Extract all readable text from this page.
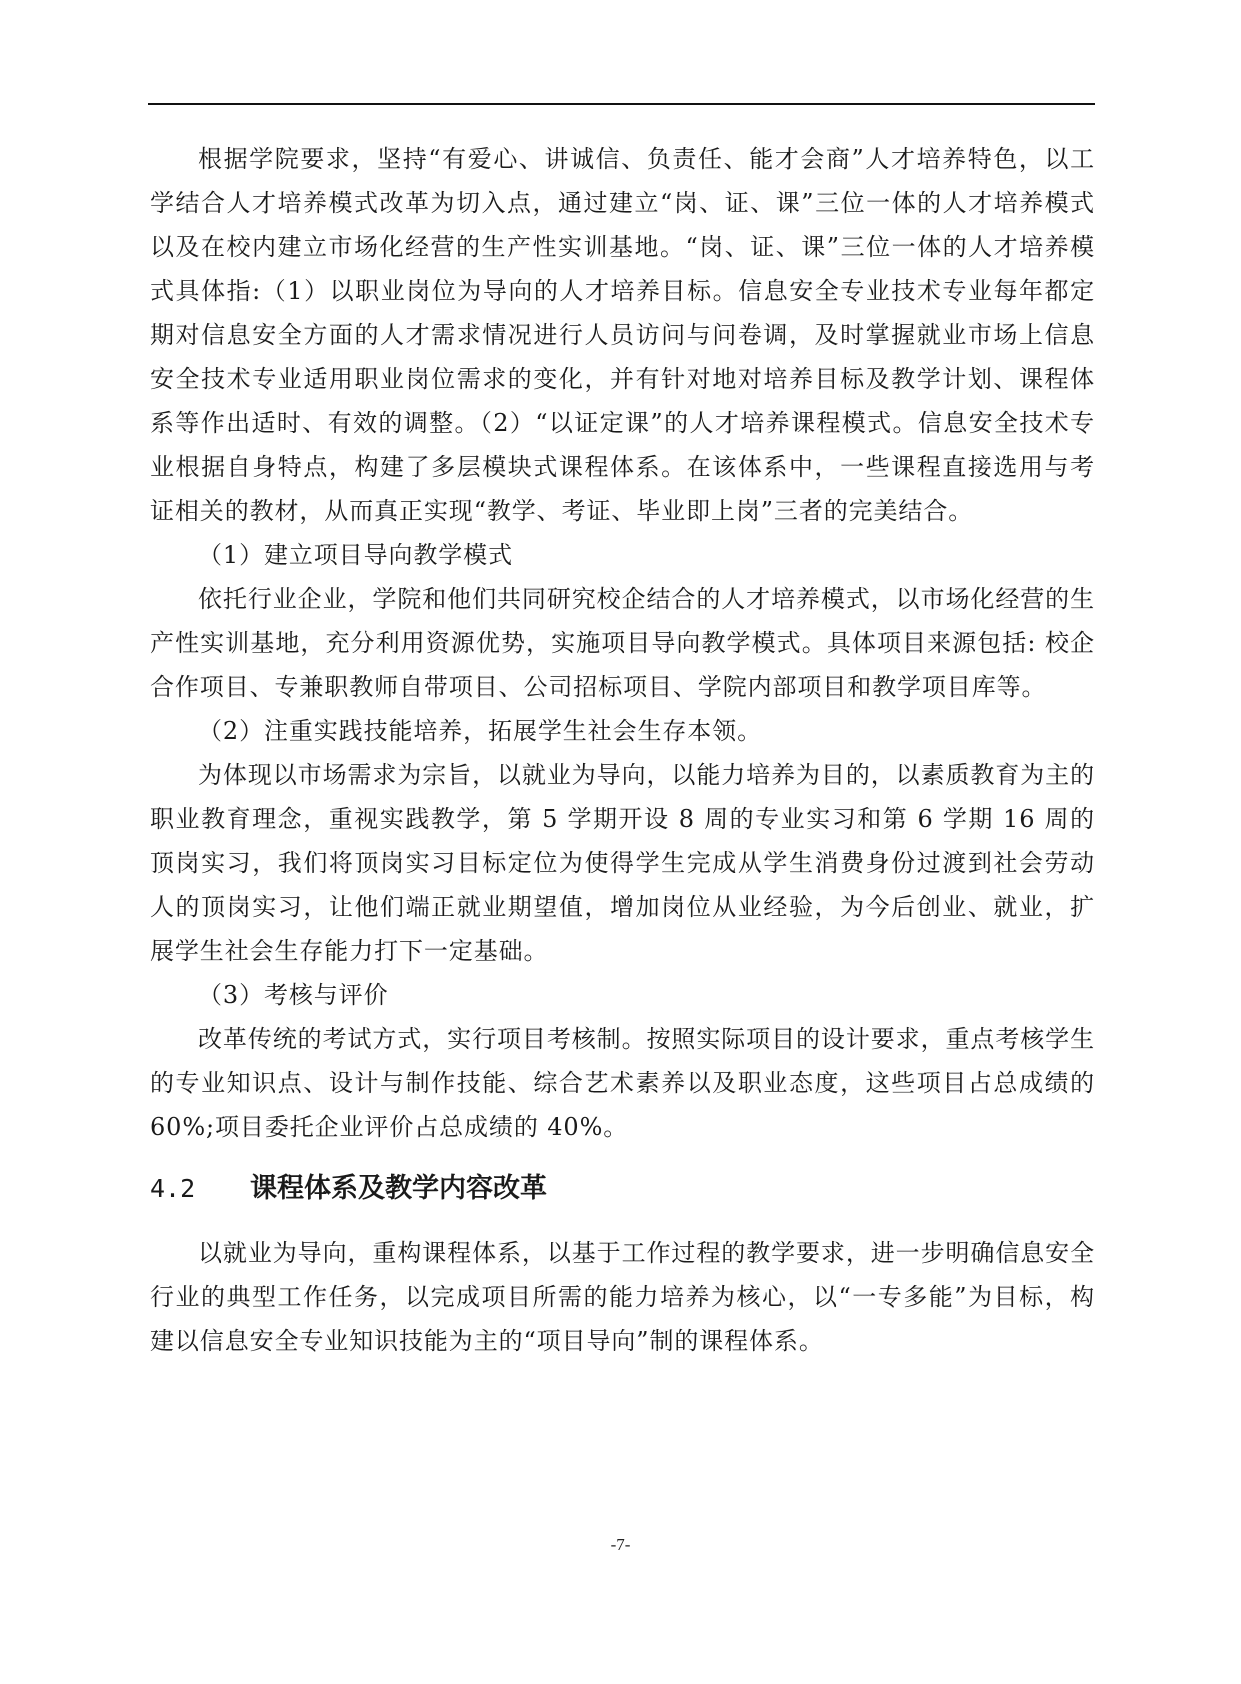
根据学院要求，坚持“有爱心、讲诚信、负责任、能才会商”人才培养特色，以工学结合人才培养模式改革为切入点，通过建立“岗、证、课”三位一体的人才培养模式以及在校内建立市场化经营的生产性实训基地。“岗、证、课”三位一体的人才培养模式具体指:（1）以职业岗位为导向的人才培养目标。信息安全专业技术专业每年都定期对信息安全方面的人才需求情况进行人员访问与问卷调，及时掌握就业市场上信息安全技术专业适用职业岗位需求的变化，并有针对地对培养目标及教学计划、课程体系等作出适时、有效的调整。（2）“以证定课”的人才培养课程模式。信息安全技术专业根据自身特点，构建了多层模块式课程体系。在该体系中，一些课程直接选用与考证相关的教材，从而真正实现“教学、考证、毕业即上岗”三者的完美结合。

（1）建立项目导向教学模式

依托行业企业，学院和他们共同研究校企结合的人才培养模式，以市场化经营的生产性实训基地，充分利用资源优势，实施项目导向教学模式。具体项目来源包括: 校企合作项目、专兼职教师自带项目、公司招标项目、学院内部项目和教学项目库等。

（2）注重实践技能培养，拓展学生社会生存本领。

为体现以市场需求为宗旨，以就业为导向，以能力培养为目的，以素质教育为主的职业教育理念，重视实践教学，第 5 学期开设 8 周的专业实习和第 6 学期 16 周的顶岗实习，我们将顶岗实习目标定位为使得学生完成从学生消费身份过渡到社会劳动人的顶岗实习，让他们端正就业期望值，增加岗位从业经验，为今后创业、就业，扩展学生社会生存能力打下一定基础。

（3）考核与评价

改革传统的考试方式，实行项目考核制。按照实际项目的设计要求，重点考核学生的专业知识点、设计与制作技能、综合艺术素养以及职业态度，这些项目占总成绩的 60%;项目委托企业评价占总成绩的 40%。

4.2	课程体系及教学内容改革

以就业为导向，重构课程体系，以基于工作过程的教学要求，进一步明确信息安全行业的典型工作任务，以完成项目所需的能力培养为核心，以“一专多能”为目标，构建以信息安全专业知识技能为主的“项目导向”制的课程体系。

-7-
